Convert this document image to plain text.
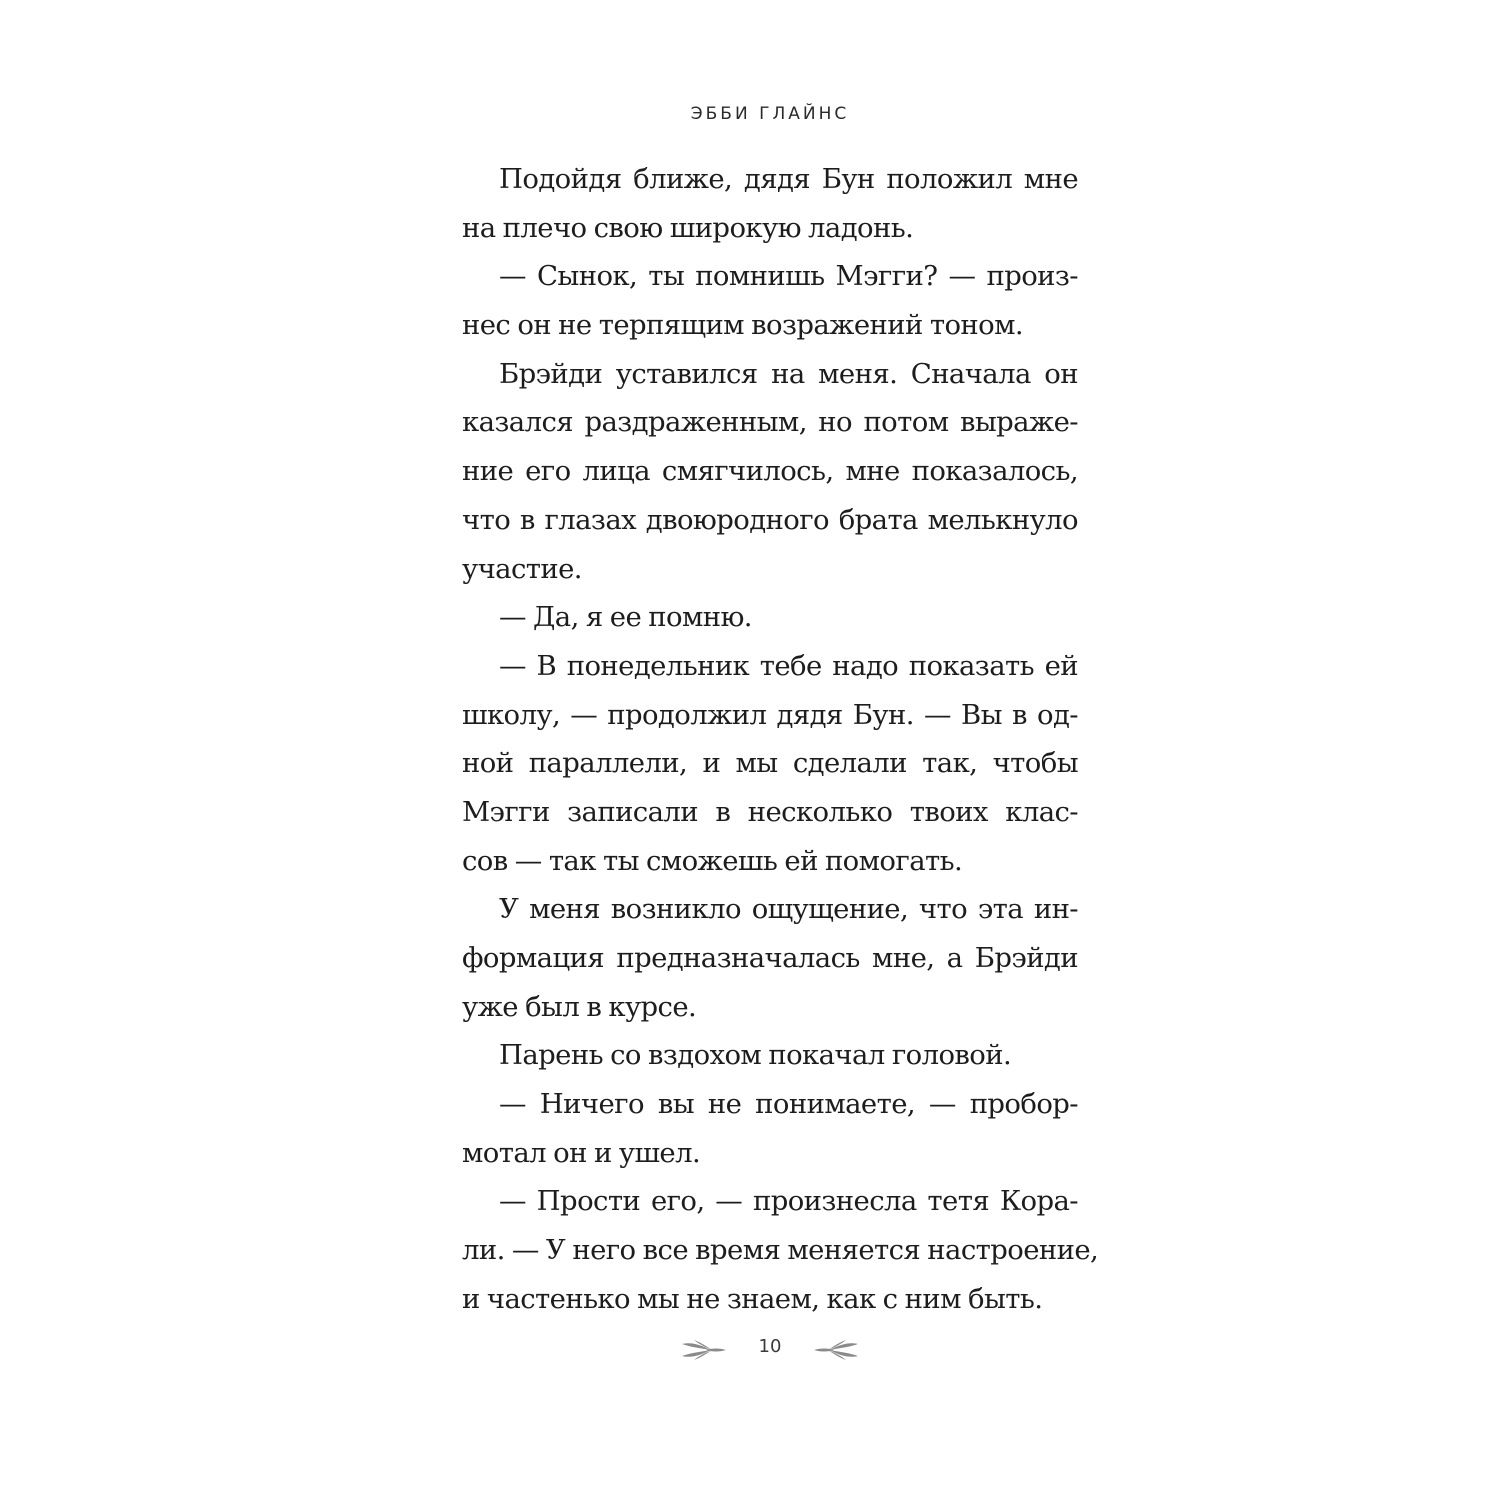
ЭББИ ГЛАЙНС
Подойдя ближе, дядя Бун положил мне
на плечо свою широкую ладонь.
— Сынок, ты помнишь Мэгги? — произ-
нес он не терпящим возражений тоном.
Брэйди уставился на меня. Сначала он
казался раздраженным, но потом выраже-
ние его лица смягчилось, мне показалось,
что в глазах двоюродного брата мелькнуло
участие.
— Да, я ее помню.
— В понедельник тебе надо показать ей
школу, — продолжил дядя Бун. — Вы в од-
ной параллели, и мы сделали так, чтобы
Мэгги записали в несколько твоих клас-
сов — так ты сможешь ей помогать.
У меня возникло ощущение, что эта ин-
формация предназначалась мне, а Брэйди
уже был в курсе.
Парень со вздохом покачал головой.
— Ничего вы не понимаете, — пробор-
мотал он и ушел.
— Прости его, — произнесла тетя Кора-
ли. — У него все время меняется настроение,
и частенько мы не знаем, как с ним быть.
10
